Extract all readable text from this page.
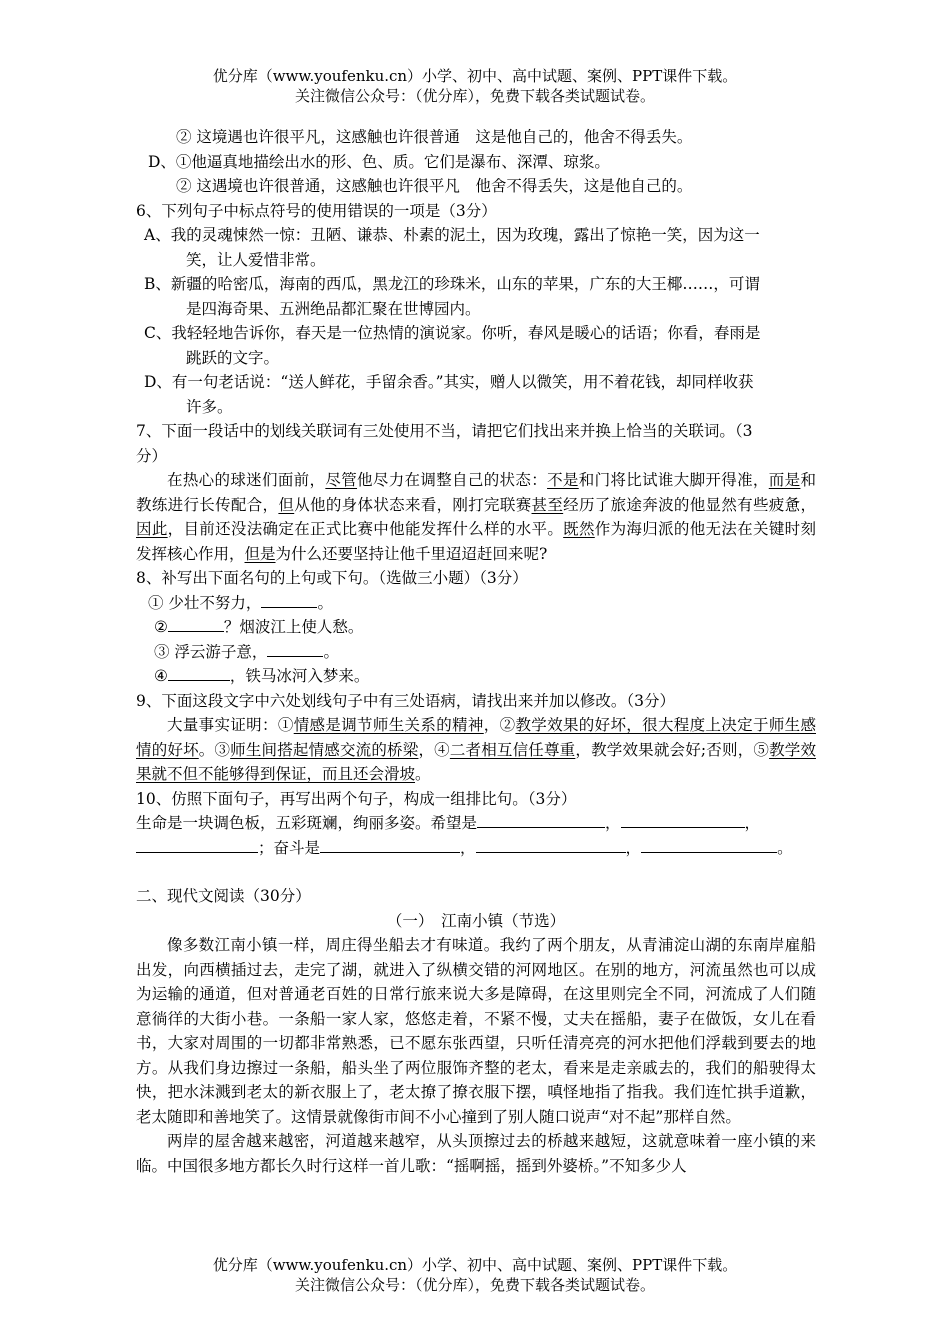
优分库（www.youfenku.cn）小学、初中、高中试题、案例、PPT课件下载。
关注微信公众号：（优分库），免费下载各类试题试卷。
② 这境遇也许很平凡，这感触也许很普通　这是他自己的，他舍不得丢失。
D、①他逼真地描绘出水的形、色、质。它们是瀑布、深潭、琼浆。
② 这遇境也许很普通，这感触也许很平凡　他舍不得丢失，这是他自己的。
6、下列句子中标点符号的使用错误的一项是（3分）
A、我的灵魂悚然一惊：丑陋、谦恭、朴素的泥土，因为玫瑰，露出了惊艳一笑，因为这一
笑，让人爱惜非常。
B、新疆的哈密瓜，海南的西瓜，黑龙江的珍珠米，山东的苹果，广东的大王椰……，可谓
是四海奇果、五洲绝品都汇聚在世博园内。
C、我轻轻地告诉你，春天是一位热情的演说家。你听，春风是暖心的话语；你看，春雨是
跳跃的文字。
D、有一句老话说：“送人鲜花，手留余香。”其实，赠人以微笑，用不着花钱，却同样收获
许多。
7、下面一段话中的划线关联词有三处使用不当，请把它们找出来并换上恰当的关联词。（3
分）

在热心的球迷们面前，尽管他尽力在调整自己的状态：不是和门将比试谁大脚开得准，而是和教练进行长传配合，但从他的身体状态来看，刚打完联赛甚至经历了旅途奔波的他显然有些疲惫，因此，目前还没法确定在正式比赛中他能发挥什么样的水平。既然作为海归派的他无法在关键时刻发挥核心作用，但是为什么还要坚持让他千里迢迢赶回来呢?

8、补写出下面名句的上句或下句。（选做三小题）（3分）
① 少壮不努力，	。
②	？烟波江上使人愁。
③ 浮云游子意，	。
④	，铁马冰河入梦来。
9、下面这段文字中六处划线句子中有三处语病，请找出来并加以修改。（3分）

大量事实证明：①情感是调节师生关系的精神，②教学效果的好坏，很大程度上决定于师生感情的好坏。③师生间搭起情感交流的桥梁，④二者相互信任尊重，教学效果就会好;否则，⑤教学效果就不但不能够得到保证，而且还会滑坡。

10、仿照下面句子，再写出两个句子，构成一组排比句。（3分）
生命是一块调色板，五彩斑斓，绚丽多姿。希望是	，	，
；奋斗是	，	，	。
二、现代文阅读（30分）
（一）　江南小镇（节选）

像多数江南小镇一样，周庄得坐船去才有味道。我约了两个朋友，从青浦淀山湖的东南岸雇船出发，向西横插过去，走完了湖，就进入了纵横交错的河网地区。在别的地方，河流虽然也可以成为运输的通道，但对普通老百姓的日常行旅来说大多是障碍，在这里则完全不同，河流成了人们随意徜徉的大街小巷。一条船一家人家，悠悠走着，不紧不慢，丈夫在摇船，妻子在做饭，女儿在看书，大家对周围的一切都非常熟悉，已不愿东张西望，只听任清亮亮的河水把他们浮载到要去的地方。从我们身边擦过一条船，船头坐了两位服饰齐整的老太，看来是走亲戚去的，我们的船驶得太快，把水沫溅到老太的新衣服上了，老太撩了撩衣服下摆，嗔怪地指了指我。我们连忙拱手道歉，老太随即和善地笑了。这情景就像街市间不小心撞到了别人随口说声“对不起”那样自然。

两岸的屋舍越来越密，河道越来越窄，从头顶擦过去的桥越来越短，这就意味着一座小镇的来临。中国很多地方都长久时行这样一首儿歌：“摇啊摇，摇到外婆桥。”不知多少人

优分库（www.youfenku.cn）小学、初中、高中试题、案例、PPT课件下载。
关注微信公众号：（优分库），免费下载各类试题试卷。
